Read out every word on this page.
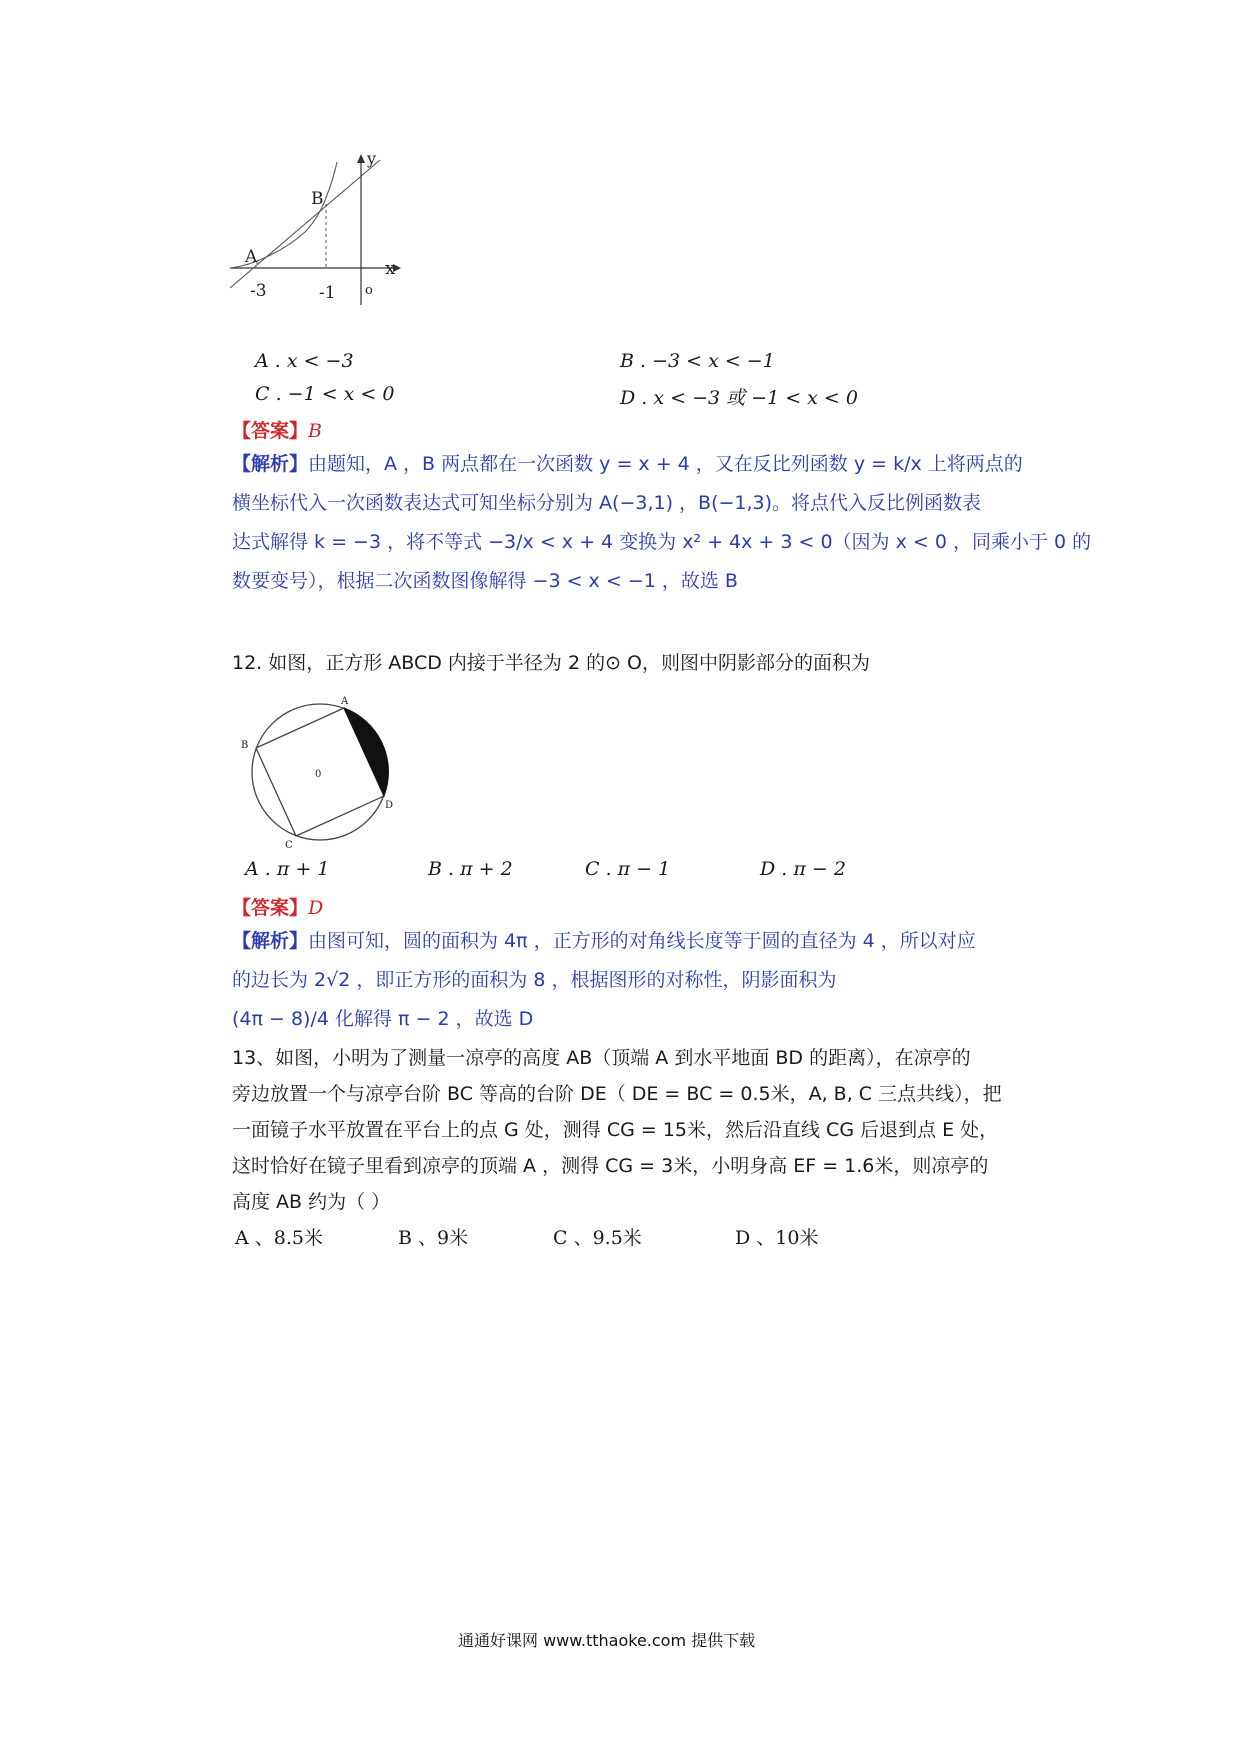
y
x
A
B
-3	-1 o
A . x < −3	B . −3 < x < −1
C . −1 < x < 0	D . x < −3 或 −1 < x < 0
【答案】B
【解析】由题知，A ，B 两点都在一次函数 y = x + 4 ，又在反比列函数 y = k/x 上将两点的
横坐标代入一次函数表达式可知坐标分别为 A(−3,1) ，B(−1,3)。将点代入反比例函数表
达式解得 k = −3 ，将不等式 −3/x < x + 4 变换为 x² + 4x + 3 < 0（因为 x < 0 ，同乘小于 0 的
数要变号），根据二次函数图像解得 −3 < x < −1 ，故选 B
12. 如图，正方形 ABCD 内接于半径为 2 的⊙ O，则图中阴影部分的面积为
A
B
C
D
0
A . π + 1	B . π + 2	C . π − 1	D . π − 2
【答案】D
【解析】由图可知，圆的面积为 4π ，正方形的对角线长度等于圆的直径为 4 ，所以对应
的边长为 2√2 ，即正方形的面积为 8 ，根据图形的对称性，阴影面积为
(4π − 8)/4 化解得 π − 2 ，故选 D
13、如图，小明为了测量一凉亭的高度 AB（顶端 A 到水平地面 BD 的距离），在凉亭的
旁边放置一个与凉亭台阶 BC 等高的台阶 DE（ DE = BC = 0.5米，A, B, C 三点共线），把
一面镜子水平放置在平台上的点 G 处，测得 CG = 15米，然后沿直线 CG 后退到点 E 处，
这时恰好在镜子里看到凉亭的顶端 A ，测得 CG = 3米，小明身高 EF = 1.6米，则凉亭的
高度 AB 约为（ ）
A 、8.5米	B 、9米	C 、9.5米	D 、10米
通通好课网 www.tthaoke.com 提供下载
